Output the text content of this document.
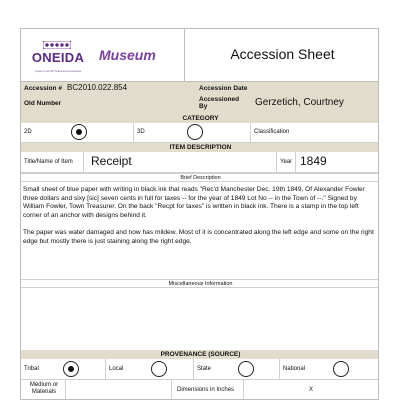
ONEIDA
Ayeteni'ni ka'nik^hsatsa kanonwesa'kwa
Museum	Accession Sheet
Accession # BC2010.022.854	Accession Date
Old Number
Accessioned By	Gerzetich, Courtney
CATEGORY
2D	3D	Classification
ITEM DESCRIPTION
Title/Name of Item Receipt	Year 1849
Brief Description

Small sheet of blue paper with writing in black ink that reads "Rec'd Manchester Dec. 19th 1849, Of Alexander Fowler three dollars and sixy [sic] seven cents in full for taxes -- for the year of 1849 Lot No -- in the Town of --." Signed by William Fowler, Town Treasurer. On the back "Recpt for taxes" is written in black ink. There is a stamp in the top left corner of an anchor with designs behind it.

The paper was water damaged and now has mildew. Most of it is concentrated along the left edge and some on the right edge but mostly there is just staining along the right edge.

Miscellaneous Information
PROVENANCE (SOURCE)
Tribal	Local	State	National
Medium or Materials	Dimensions in Inches	X
